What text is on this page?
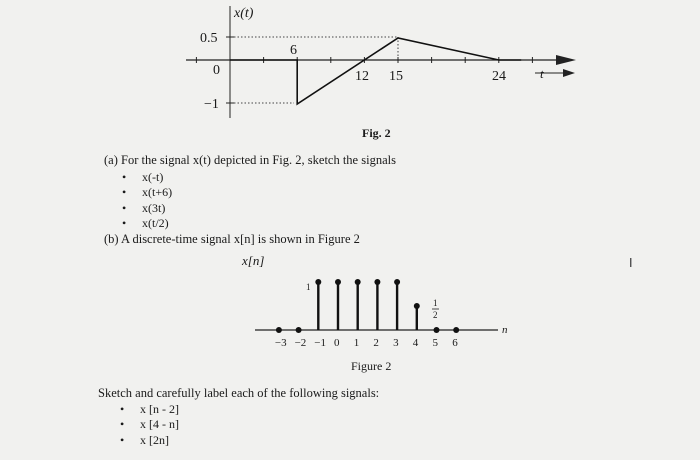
x(t)
0.5
0
−1
6
12 15	24	t
Fig. 2
(a) For the signal x(t) depicted in Fig. 2, sketch the signals
• x(-t)
• x(t+6)
• x(3t)
• x(t/2)
(b) A discrete-time signal x[n] is shown in Figure 2
x[n]
n
−3 −2 −1 0 1 2 3 4 5 6
1
1
2
Figure 2
Sketch and carefully label each of the following signals:
• x [n - 2]
• x [4 - n]
• x [2n]
I
